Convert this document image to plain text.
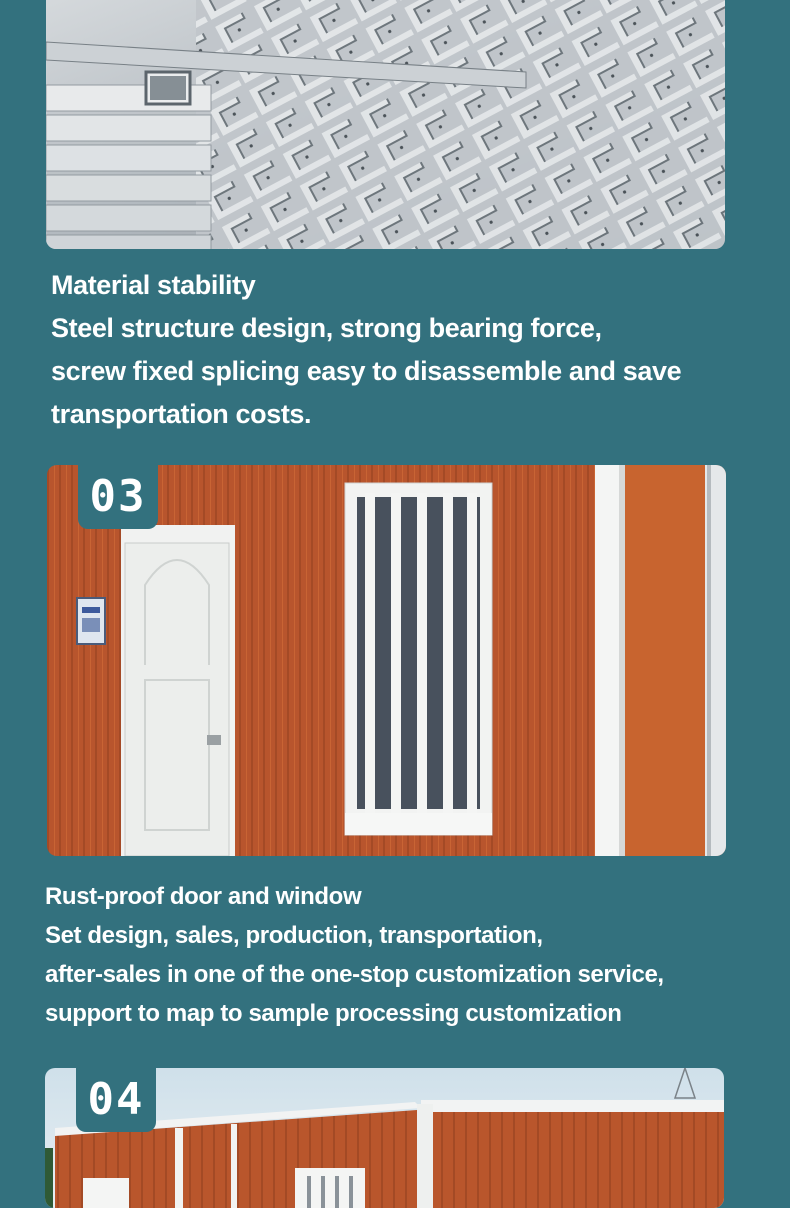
Material stability
Steel structure design, strong bearing force,
screw fixed splicing easy to disassemble and save
transportation costs.
03
Rust-proof door and window
Set design, sales, production, transportation,
after-sales in one of the one-stop customization service,
support to map to sample processing customization
04
